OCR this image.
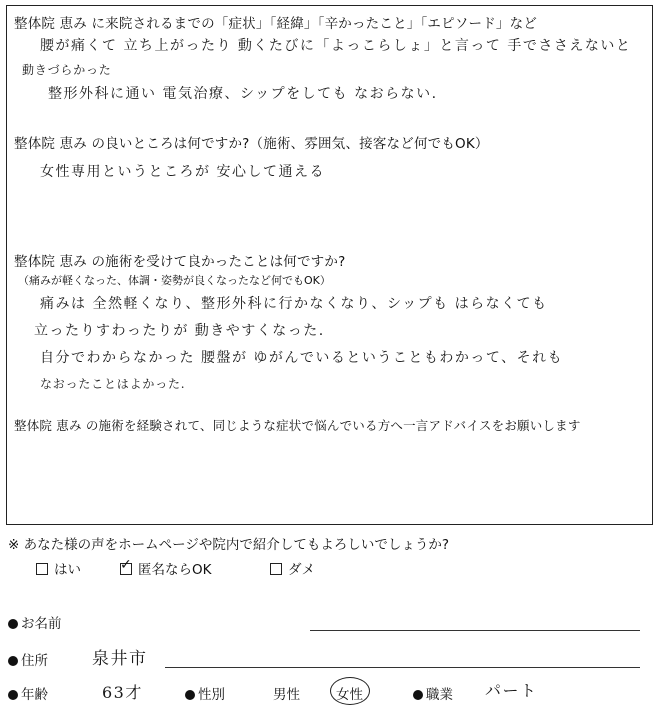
整体院 恵み に来院されるまでの「症状」「経緯」「辛かったこと」「エピソード」など
腰が痛くて 立ち上がったり 動くたびに「よっこらしょ」と言って 手でささえないと
動きづらかった
整形外科に通い 電気治療、シップをしても なおらない.
整体院 恵み の良いところは何ですか?（施術、雰囲気、接客など何でもOK）
女性専用というところが 安心して通える
整体院 恵み の施術を受けて良かったことは何ですか?
（痛みが軽くなった、体調・姿勢が良くなったなど何でもOK）
痛みは 全然軽くなり、整形外科に行かなくなり、シップも はらなくても
立ったりすわったりが 動きやすくなった.
自分でわからなかった 腰盤が ゆがんでいるということもわかって、それも
なおったことはよかった.
整体院 恵み の施術を経験されて、同じような症状で悩んでいる方へ一言アドバイスをお願いします
※ あなた様の声をホームページや院内で紹介してもよろしいでしょうか?
はい	✓ 匿名ならOK	ダメ
お名前
住所	泉井市
年齢	63才	性別	男性	女性	職業 パート
